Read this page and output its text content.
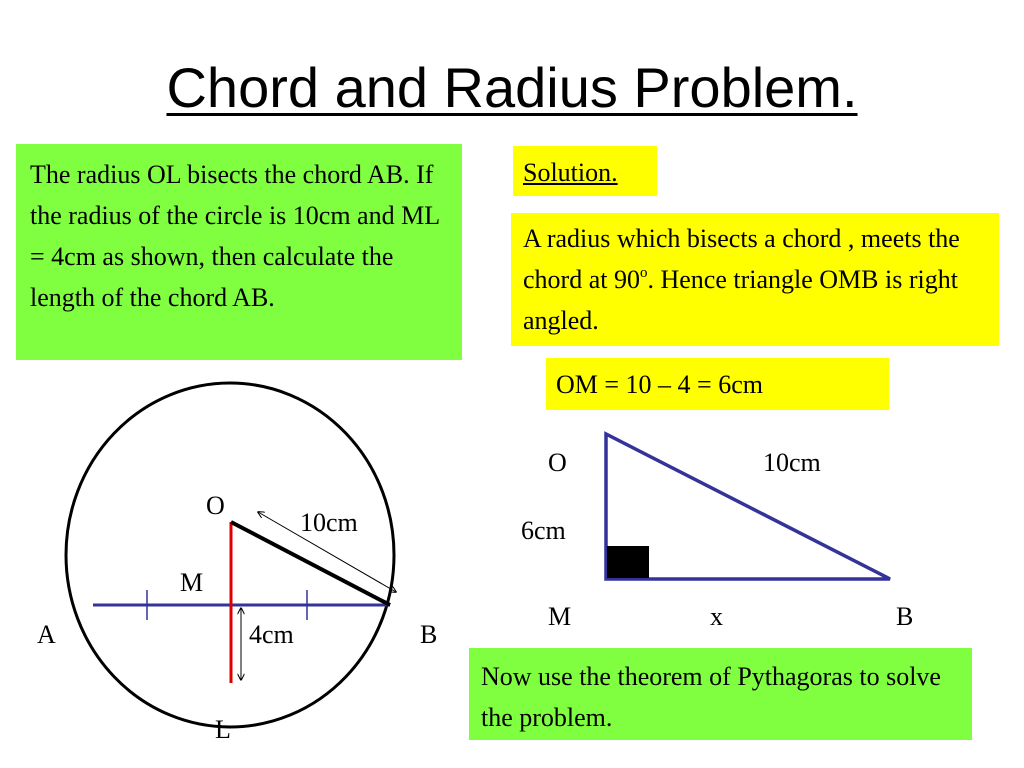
Chord and Radius Problem.
The radius OL bisects the chord AB. If the radius of the circle is 10cm and ML = 4cm as shown, then calculate the length of the chord AB.
Solution.
A radius which bisects a chord , meets the chord at 90$^o$. Hence triangle OMB is right angled.
OM = 10 – 4 = 6cm
Now use the theorem of Pythagoras to solve the problem.
O
10cm
M
A	4cm	B
L
O	10cm
6cm
M	x	B
